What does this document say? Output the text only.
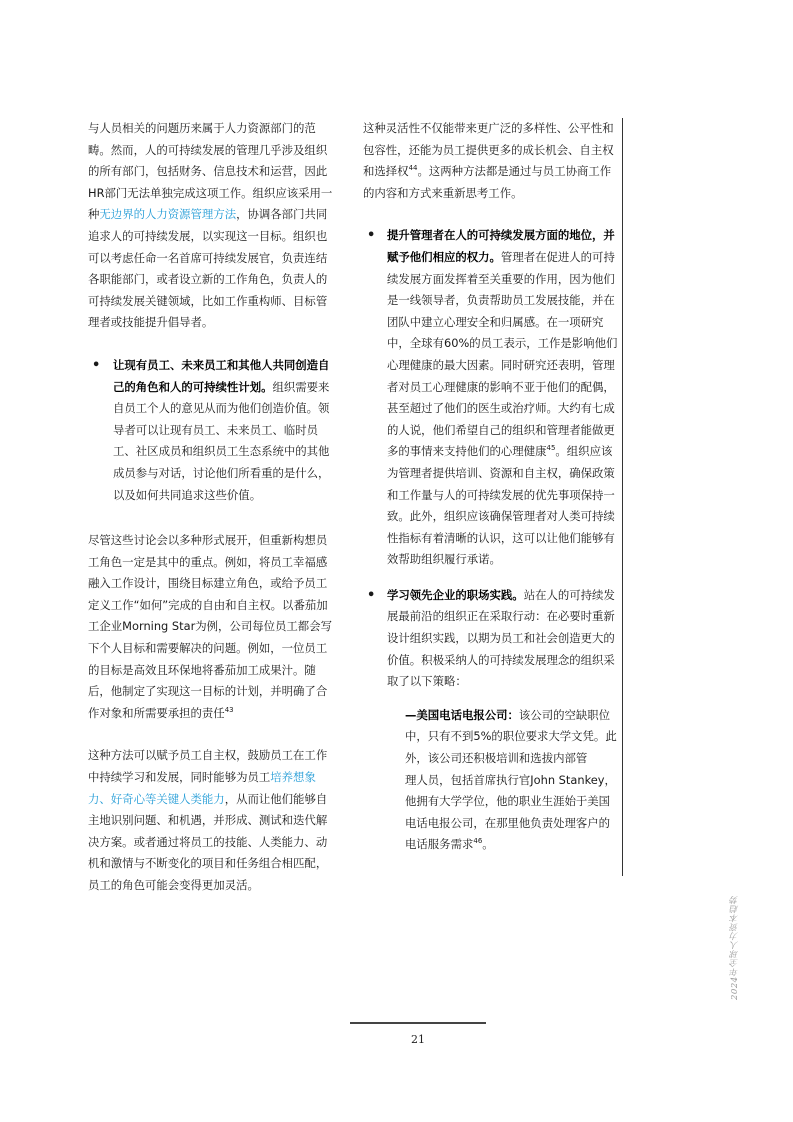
与人员相关的问题历来属于人力资源部门的范畴。然而，人的可持续发展的管理几乎涉及组织的所有部门，包括财务、信息技术和运营，因此HR部门无法单独完成这项工作。组织应该采用一种无边界的人力资源管理方法，协调各部门共同追求人的可持续发展，以实现这一目标。组织也可以考虑任命一名首席可持续发展官，负责连结各职能部门，或者设立新的工作角色，负责人的可持续发展关键领域，比如工作重构师、目标管理者或技能提升倡导者。

• 让现有员工、未来员工和其他人共同创造自己的角色和人的可持续性计划。组织需要来自员工个人的意见从而为他们创造价值。领导者可以让现有员工、未来员工、临时员工、社区成员和组织员工生态系统中的其他成员参与对话，讨论他们所看重的是什么，以及如何共同追求这些价值。

尽管这些讨论会以多种形式展开，但重新构想员工角色一定是其中的重点。例如，将员工幸福感融入工作设计，围绕目标建立角色，或给予员工定义工作“如何”完成的自由和自主权。以番茄加工企业Morning Star为例，公司每位员工都会写下个人目标和需要解决的问题。例如，一位员工的目标是高效且环保地将番茄加工成果汁。随后，他制定了实现这一目标的计划，并明确了合作对象和所需要承担的责任$^{43}$

这种方法可以赋予员工自主权，鼓励员工在工作中持续学习和发展，同时能够为员工培养想象力、好奇心等关键人类能力，从而让他们能够自主地识别问题、和机遇，并形成、测试和迭代解决方案。或者通过将员工的技能、人类能力、动机和激情与不断变化的项目和任务组合相匹配，员工的角色可能会变得更加灵活。

这种灵活性不仅能带来更广泛的多样性、公平性和包容性，还能为员工提供更多的成长机会、自主权和选择权$^{44}$。这两种方法都是通过与员工协商工作的内容和方式来重新思考工作。

• 提升管理者在人的可持续发展方面的地位，并赋予他们相应的权力。管理者在促进人的可持续发展方面发挥着至关重要的作用，因为他们是一线领导者，负责帮助员工发展技能，并在团队中建立心理安全和归属感。在一项研究中，全球有60%的员工表示，工作是影响他们心理健康的最大因素。同时研究还表明，管理者对员工心理健康的影响不亚于他们的配偶，甚至超过了他们的医生或治疗师。大约有七成的人说，他们希望自己的组织和管理者能做更多的事情来支持他们的心理健康$^{45}$。组织应该为管理者提供培训、资源和自主权，确保政策和工作量与人的可持续发展的优先事项保持一致。此外，组织应该确保管理者对人类可持续性指标有着清晰的认识，这可以让他们能够有效帮助组织履行承诺。
• 学习领先企业的职场实践。站在人的可持续发展最前沿的组织正在采取行动：在必要时重新设计组织实践，以期为员工和社会创造更大的价值。积极采纳人的可持续发展理念的组织采取了以下策略：
—美国电话电报公司：该公司的空缺职位中，只有不到5%的职位要求大学文凭。此外，该公司还积极培训和选拔内部管
理人员，包括首席执行官John Stankey，他拥有大学学位，他的职业生涯始于美国电话电报公司，在那里他负责处理客户的电话服务需求$^{46}$。
2024年全球人力资本趋势
21
